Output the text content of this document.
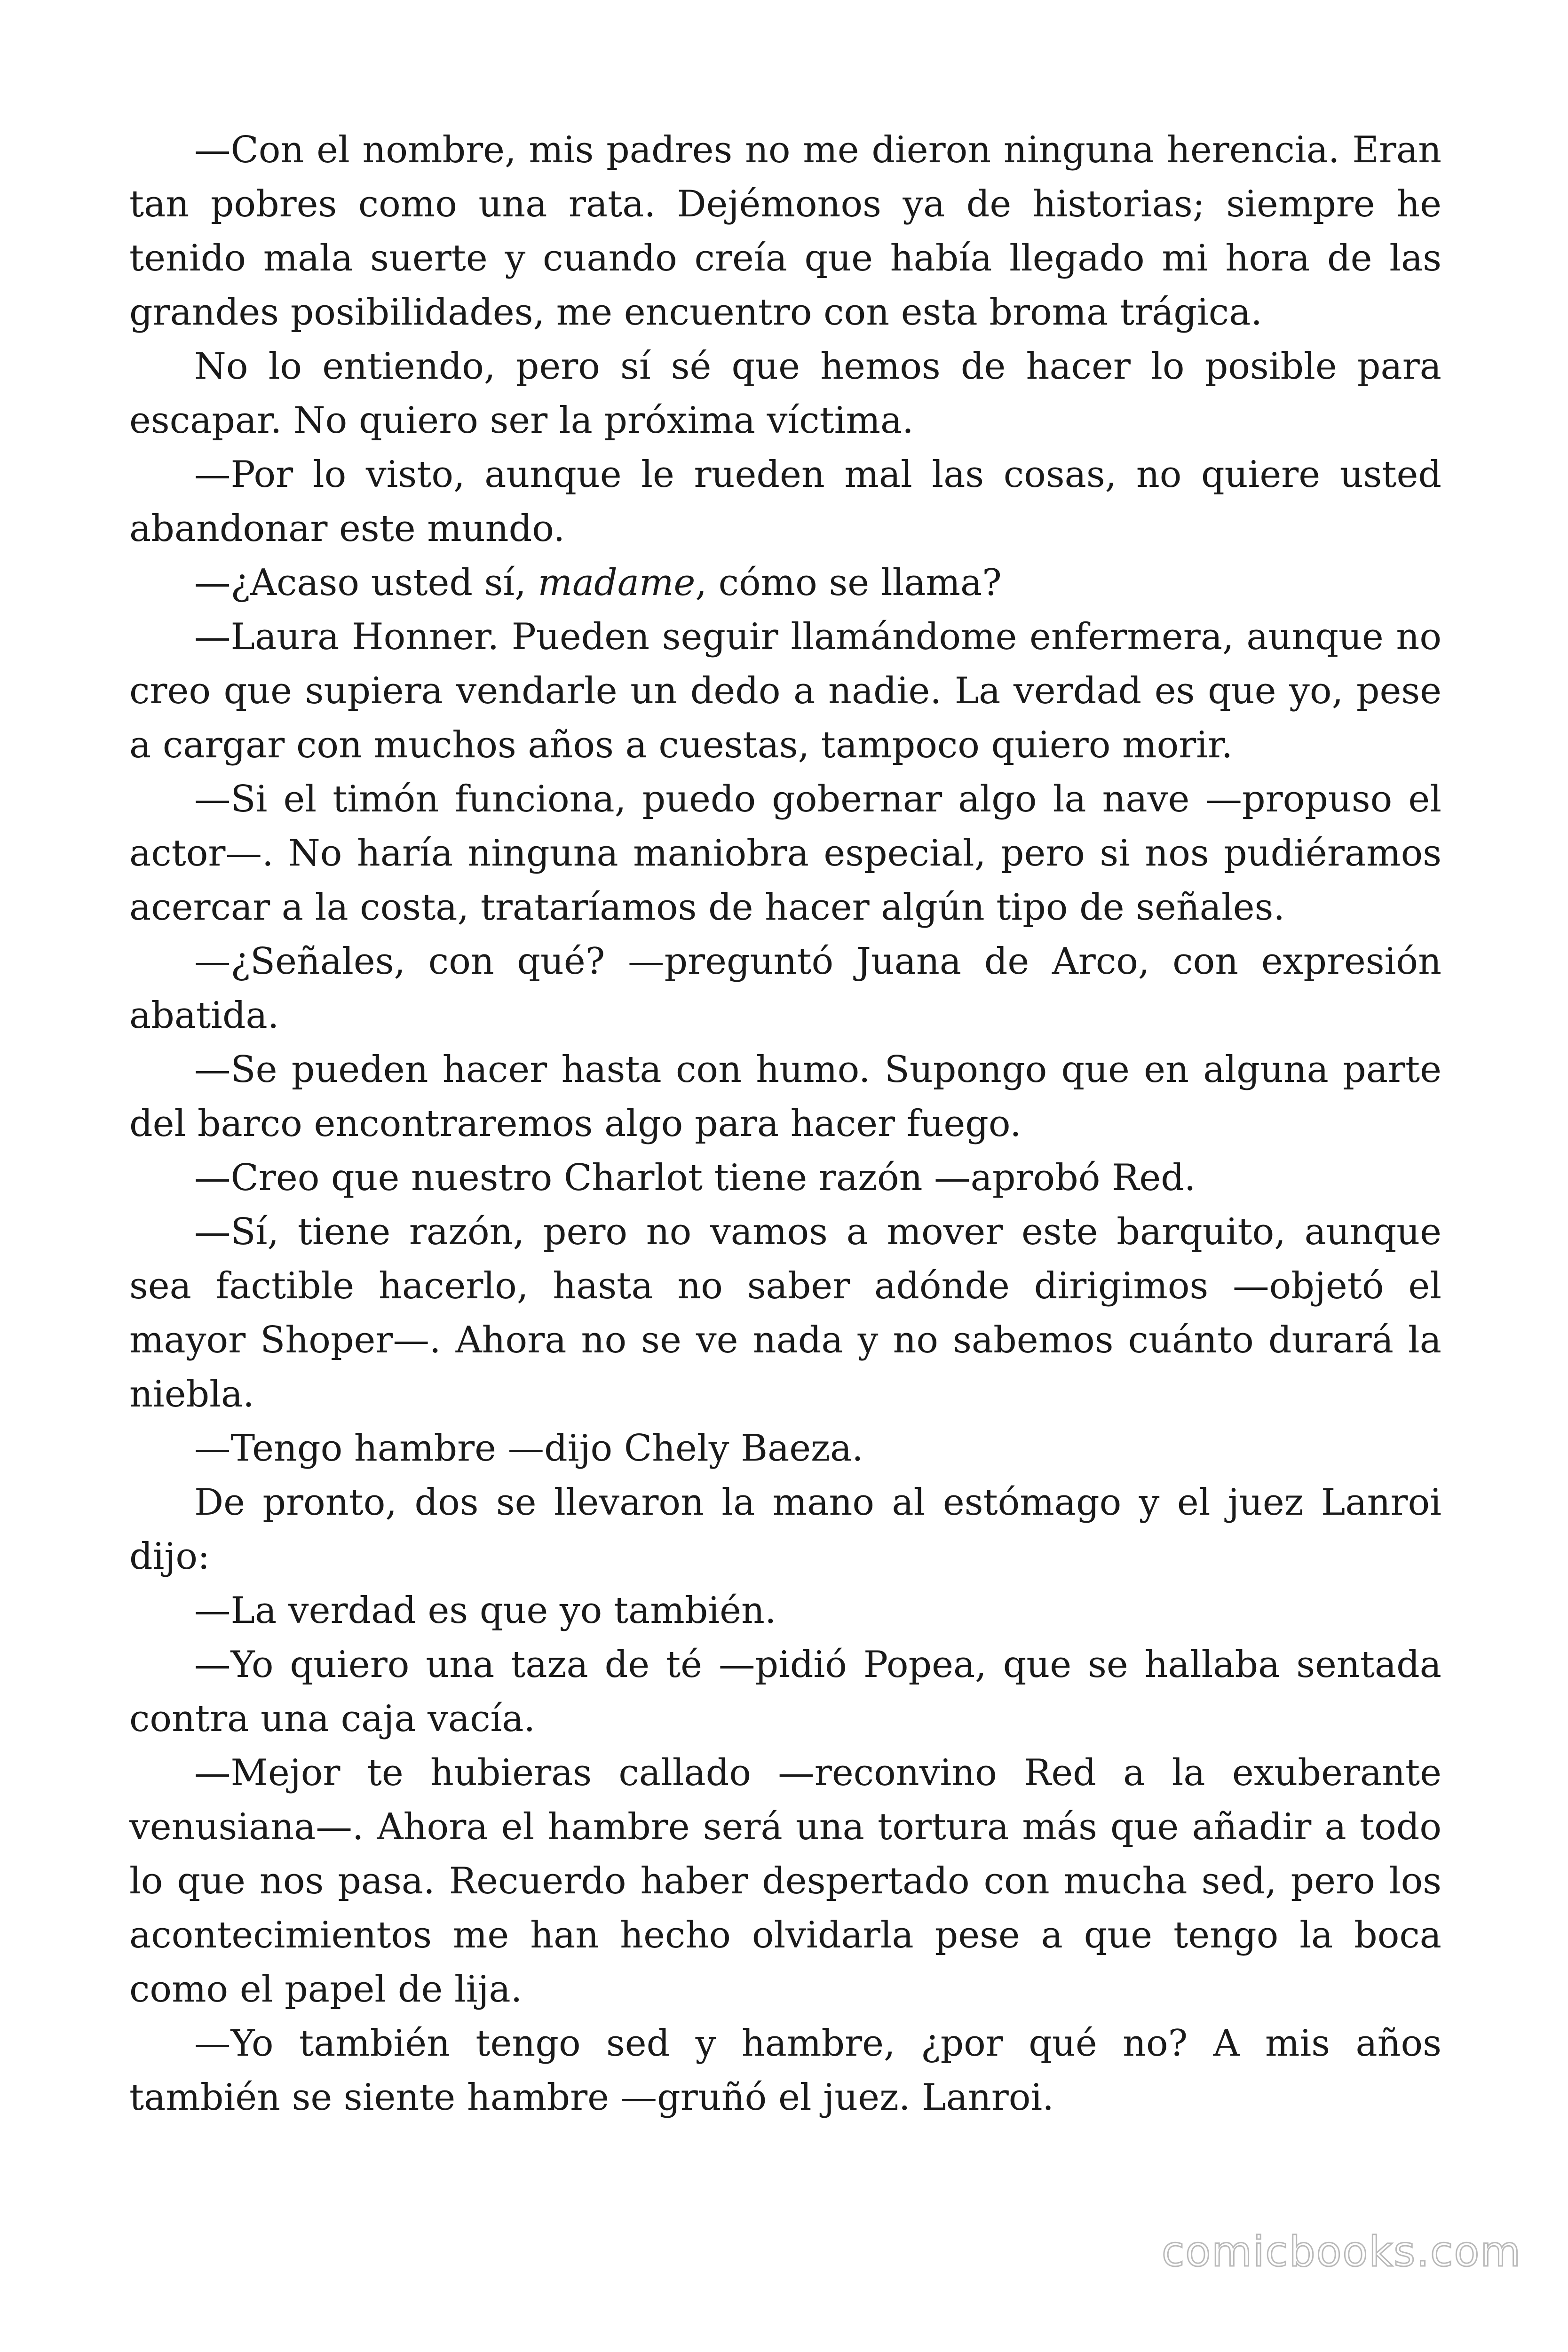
—Con el nombre, mis padres no me dieron ninguna herencia. Eran tan pobres como una rata. Dejémonos ya de historias; siempre he tenido mala suerte y cuando creía que había llegado mi hora de las grandes posibilidades, me encuentro con esta broma trágica.

No lo entiendo, pero sí sé que hemos de hacer lo posible para escapar. No quiero ser la próxima víctima.

—Por lo visto, aunque le rueden mal las cosas, no quiere usted abandonar este mundo.

—¿Acaso usted sí, madame, cómo se llama?

—Laura Honner. Pueden seguir llamándome enfermera, aunque no creo que supiera vendarle un dedo a nadie. La verdad es que yo, pese a cargar con muchos años a cuestas, tampoco quiero morir.

—Si el timón funciona, puedo gobernar algo la nave —propuso el actor—. No haría ninguna maniobra especial, pero si nos pudiéramos acercar a la costa, trataríamos de hacer algún tipo de señales.

—¿Señales, con qué? —preguntó Juana de Arco, con expresión abatida.

—Se pueden hacer hasta con humo. Supongo que en alguna parte del barco encontraremos algo para hacer fuego.

—Creo que nuestro Charlot tiene razón —aprobó Red.

—Sí, tiene razón, pero no vamos a mover este barquito, aunque sea factible hacerlo, hasta no saber adónde dirigimos —objetó el mayor Shoper—. Ahora no se ve nada y no sabemos cuánto durará la niebla.

—Tengo hambre —dijo Chely Baeza.

De pronto, dos se llevaron la mano al estómago y el juez Lanroi dijo:

—La verdad es que yo también.

—Yo quiero una taza de té —pidió Popea, que se hallaba sentada contra una caja vacía.

—Mejor te hubieras callado —reconvino Red a la exuberante venusiana—. Ahora el hambre será una tortura más que añadir a todo lo que nos pasa. Recuerdo haber despertado con mucha sed, pero los acontecimientos me han hecho olvidarla pese a que tengo la boca como el papel de lija.

—Yo también tengo sed y hambre, ¿por qué no? A mis años también se siente hambre —gruñó el juez. Lanroi.

comicbooks.com
